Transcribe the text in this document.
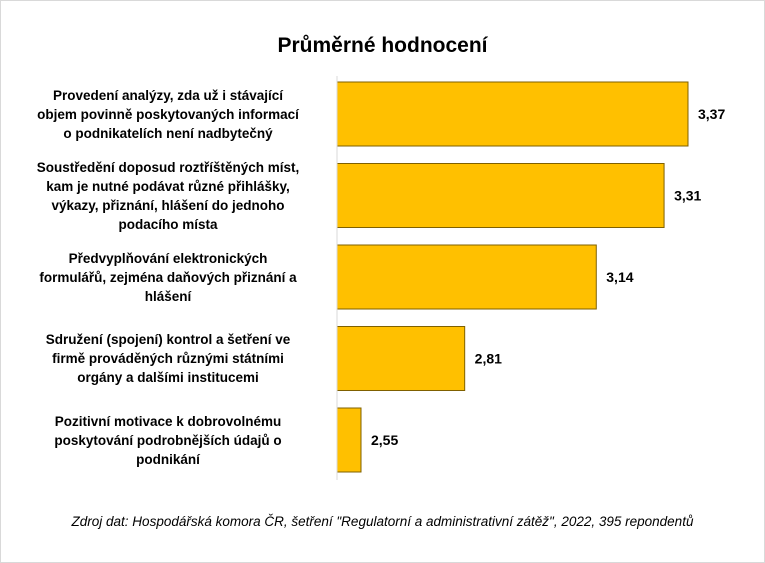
Průměrné hodnocení
Provedení analýzy, zda už i stávající
objem povinně poskytovaných informací
o podnikatelích není nadbytečný
Soustředění doposud roztříštěných míst,
kam je nutné podávat různé přihlášky,
výkazy, přiznání, hlášení do jednoho
podacího místa
Předvyplňování elektronických
formulářů, zejména daňových přiznání a
hlášení
Sdružení (spojení) kontrol a šetření ve
firmě prováděných různými státními
orgány a dalšími institucemi
Pozitivní motivace k dobrovolnému
poskytování podrobnějších údajů o
podnikání
3,37
3,31
3,14
2,81
2,55
Zdroj dat: Hospodářská komora ČR, šetření "Regulatorní a administrativní zátěž", 2022, 395 repondentů
